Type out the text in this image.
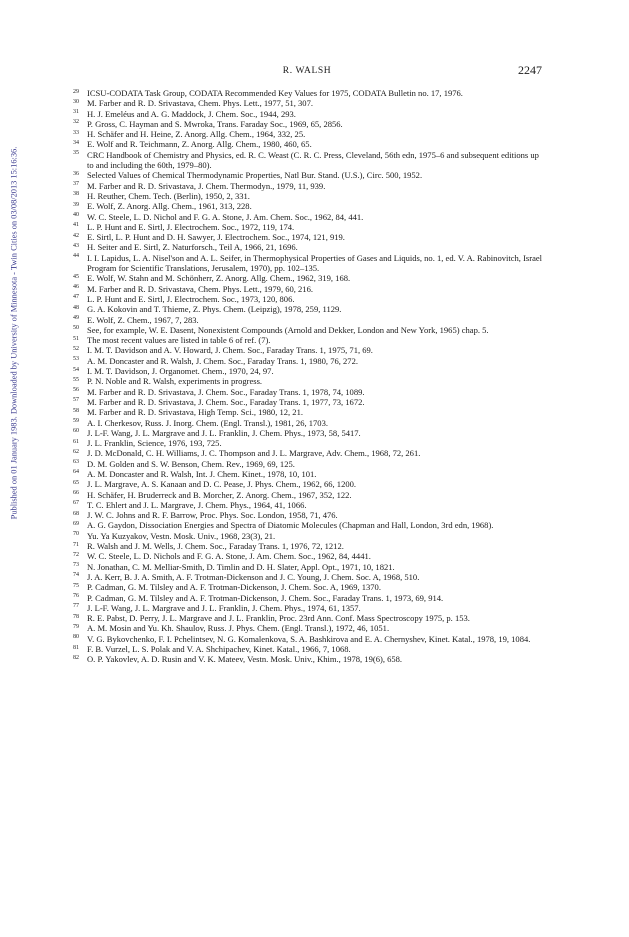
Published on 01 January 1983. Downloaded by University of Minnesota - Twin Cities on 03/08/2013 15:16:36.
R. WALSH	2247
29 ICSU-CODATA Task Group, CODATA Recommended Key Values for 1975, CODATA Bulletin no. 17, 1976.
30 M. Farber and R. D. Srivastava, Chem. Phys. Lett., 1977, 51, 307.
31 H. J. Emeléus and A. G. Maddock, J. Chem. Soc., 1944, 293.
32 P. Gross, C. Hayman and S. Mwroka, Trans. Faraday Soc., 1969, 65, 2856.
33 H. Schäfer and H. Heine, Z. Anorg. Allg. Chem., 1964, 332, 25.
34 E. Wolf and R. Teichmann, Z. Anorg. Allg. Chem., 1980, 460, 65.
35 CRC Handbook of Chemistry and Physics, ed. R. C. Weast (C. R. C. Press, Cleveland, 56th edn, 1975–6 and subsequent editions up to and including the 60th, 1979–80).
36 Selected Values of Chemical Thermodynamic Properties, Natl Bur. Stand. (U.S.), Circ. 500, 1952.
37 M. Farber and R. D. Srivastava, J. Chem. Thermodyn., 1979, 11, 939.
38 H. Reuther, Chem. Tech. (Berlin), 1950, 2, 331.
39 E. Wolf, Z. Anorg. Allg. Chem., 1961, 313, 228.
40 W. C. Steele, L. D. Nichol and F. G. A. Stone, J. Am. Chem. Soc., 1962, 84, 441.
41 L. P. Hunt and E. Sirtl, J. Electrochem. Soc., 1972, 119, 174.
42 E. Sirtl, L. P. Hunt and D. H. Sawyer, J. Electrochem. Soc., 1974, 121, 919.
43 H. Seiter and E. Sirtl, Z. Naturforsch., Teil A, 1966, 21, 1696.
44 I. I. Lapidus, L. A. Nisel'son and A. L. Seifer, in Thermophysical Properties of Gases and Liquids, no. 1, ed. V. A. Rabinovitch, Israel Program for Scientific Translations, Jerusalem, 1970), pp. 102–135.
45 E. Wolf, W. Stahn and M. Schönherr, Z. Anorg. Allg. Chem., 1962, 319, 168.
46 M. Farber and R. D. Srivastava, Chem. Phys. Lett., 1979, 60, 216.
47 L. P. Hunt and E. Sirtl, J. Electrochem. Soc., 1973, 120, 806.
48 G. A. Kokovin and T. Thieme, Z. Phys. Chem. (Leipzig), 1978, 259, 1129.
49 E. Wolf, Z. Chem., 1967, 7, 283.
50 See, for example, W. E. Dasent, Nonexistent Compounds (Arnold and Dekker, London and New York, 1965) chap. 5.
51 The most recent values are listed in table 6 of ref. (7).
52 I. M. T. Davidson and A. V. Howard, J. Chem. Soc., Faraday Trans. 1, 1975, 71, 69.
53 A. M. Doncaster and R. Walsh, J. Chem. Soc., Faraday Trans. 1, 1980, 76, 272.
54 I. M. T. Davidson, J. Organomet. Chem., 1970, 24, 97.
55 P. N. Noble and R. Walsh, experiments in progress.
56 M. Farber and R. D. Srivastava, J. Chem. Soc., Faraday Trans. 1, 1978, 74, 1089.
57 M. Farber and R. D. Srivastava, J. Chem. Soc., Faraday Trans. 1, 1977, 73, 1672.
58 M. Farber and R. D. Srivastava, High Temp. Sci., 1980, 12, 21.
59 A. I. Cherkesov, Russ. J. Inorg. Chem. (Engl. Transl.), 1981, 26, 1703.
60 J. L-F. Wang, J. L. Margrave and J. L. Franklin, J. Chem. Phys., 1973, 58, 5417.
61 J. L. Franklin, Science, 1976, 193, 725.
62 J. D. McDonald, C. H. Williams, J. C. Thompson and J. L. Margrave, Adv. Chem., 1968, 72, 261.
63 D. M. Golden and S. W. Benson, Chem. Rev., 1969, 69, 125.
64 A. M. Doncaster and R. Walsh, Int. J. Chem. Kinet., 1978, 10, 101.
65 J. L. Margrave, A. S. Kanaan and D. C. Pease, J. Phys. Chem., 1962, 66, 1200.
66 H. Schäfer, H. Bruderreck and B. Morcher, Z. Anorg. Chem., 1967, 352, 122.
67 T. C. Ehlert and J. L. Margrave, J. Chem. Phys., 1964, 41, 1066.
68 J. W. C. Johns and R. F. Barrow, Proc. Phys. Soc. London, 1958, 71, 476.
69 A. G. Gaydon, Dissociation Energies and Spectra of Diatomic Molecules (Chapman and Hall, London, 3rd edn, 1968).
70 Yu. Ya Kuzyakov, Vestn. Mosk. Univ., 1968, 23(3), 21.
71 R. Walsh and J. M. Wells, J. Chem. Soc., Faraday Trans. 1, 1976, 72, 1212.
72 W. C. Steele, L. D. Nichols and F. G. A. Stone, J. Am. Chem. Soc., 1962, 84, 4441.
73 N. Jonathan, C. M. Melliar-Smith, D. Timlin and D. H. Slater, Appl. Opt., 1971, 10, 1821.
74 J. A. Kerr, B. J. A. Smith, A. F. Trotman-Dickenson and J. C. Young, J. Chem. Soc. A, 1968, 510.
75 P. Cadman, G. M. Tilsley and A. F. Trotman-Dickenson, J. Chem. Soc. A, 1969, 1370.
76 P. Cadman, G. M. Tilsley and A. F. Trotman-Dickenson, J. Chem. Soc., Faraday Trans. 1, 1973, 69, 914.
77 J. L-F. Wang, J. L. Margrave and J. L. Franklin, J. Chem. Phys., 1974, 61, 1357.
78 R. E. Pabst, D. Perry, J. L. Margrave and J. L. Franklin, Proc. 23rd Ann. Conf. Mass Spectroscopy 1975, p. 153.
79 A. M. Mosin and Yu. Kh. Shaulov, Russ. J. Phys. Chem. (Engl. Transl.), 1972, 46, 1051.
80 V. G. Bykovchenko, F. I. Pchelintsev, N. G. Komalenkova, S. A. Bashkirova and E. A. Chernyshev, Kinet. Katal., 1978, 19, 1084.
81 F. B. Vurzel, L. S. Polak and V. A. Shchipachev, Kinet. Katal., 1966, 7, 1068.
82 O. P. Yakovlev, A. D. Rusin and V. K. Mateev, Vestn. Mosk. Univ., Khim., 1978, 19(6), 658.
